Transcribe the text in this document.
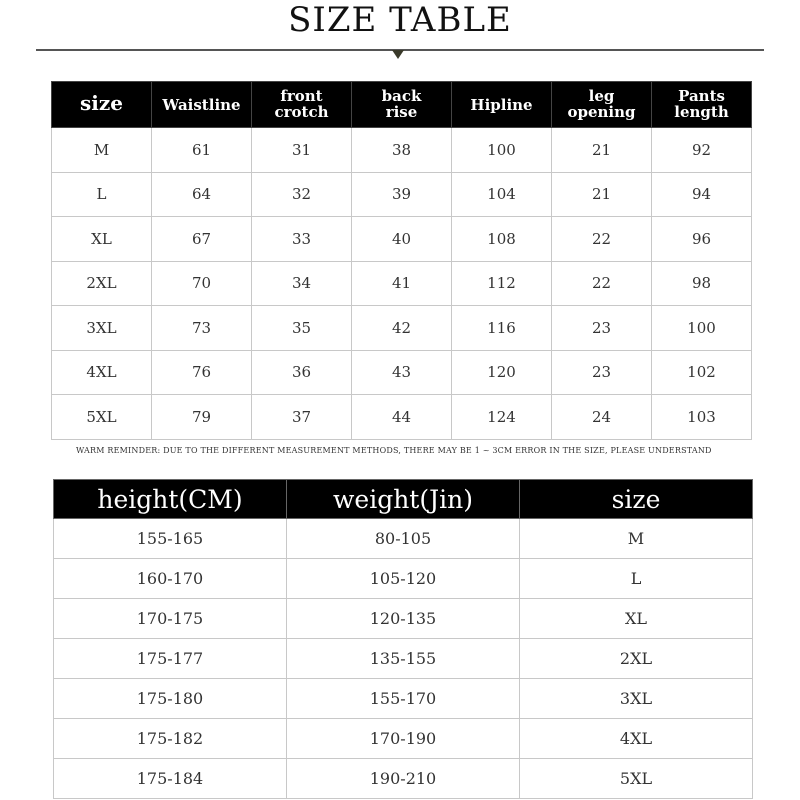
SIZE TABLE
size	Waistline	front crotch	back rise	Hipline	leg opening	Pants length
M	61	31	38	100	21	92
L	64	32	39	104	21	94
XL	67	33	40	108	22	96
2XL	70	34	41	112	22	98
3XL	73	35	42	116	23	100
4XL	76	36	43	120	23	102
5XL	79	37	44	124	24	103
WARM REMINDER: DUE TO THE DIFFERENT MEASUREMENT METHODS, THERE MAY BE 1 ~ 3CM ERROR IN THE SIZE, PLEASE UNDERSTAND
height(CM)	weight(Jin)	size
155-165	80-105	M
160-170	105-120	L
170-175	120-135	XL
175-177	135-155	2XL
175-180	155-170	3XL
175-182	170-190	4XL
175-184	190-210	5XL
